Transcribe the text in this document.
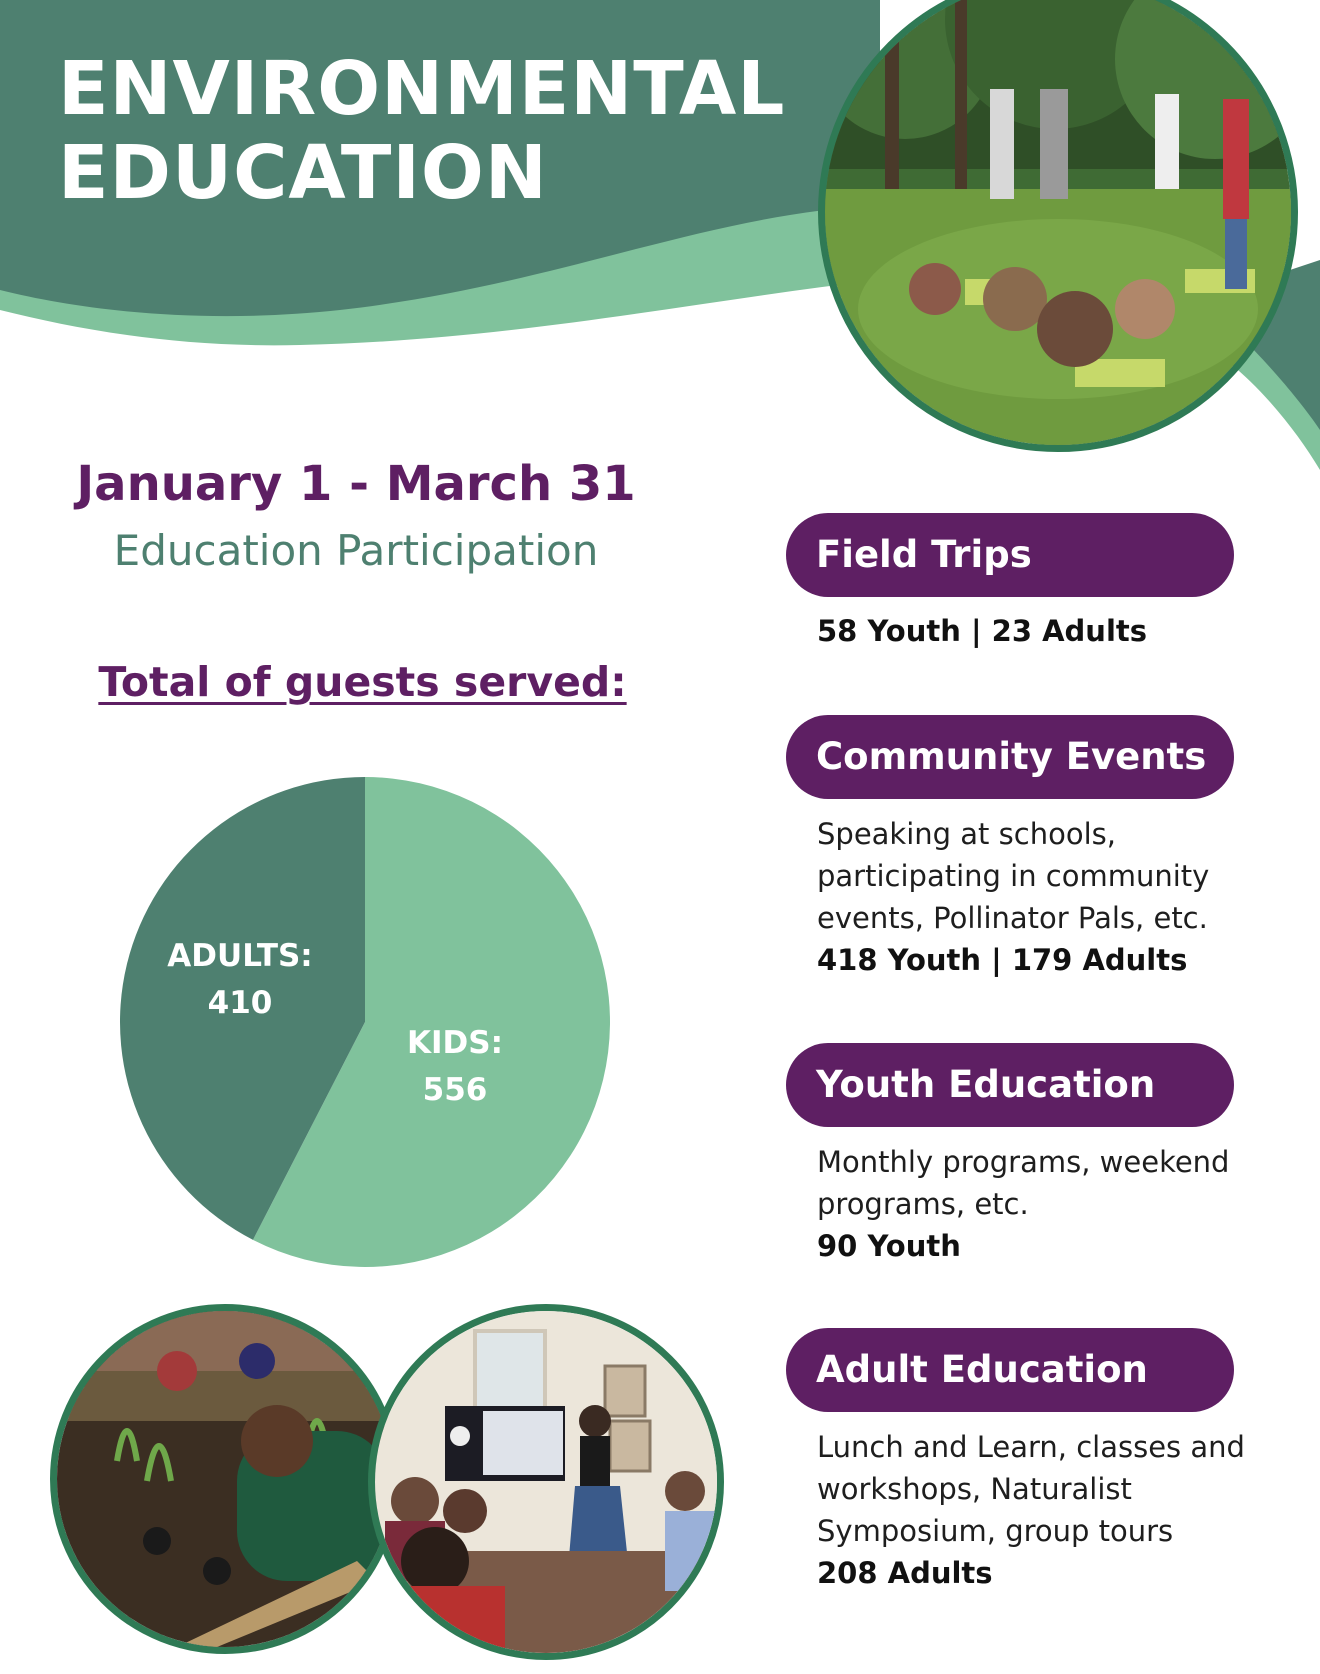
ENVIRONMENTAL
EDUCATION
January 1 - March 31
Education Participation
Total of guests served:
ADULTS:
410
KIDS:
556
Field Trips
58 Youth | 23 Adults
Community Events
Speaking at schools, participating in community events, Pollinator Pals, etc.
418 Youth | 179 Adults
Youth Education
Monthly programs, weekend programs, etc.
90 Youth
Adult Education
Lunch and Learn, classes and workshops, Naturalist Symposium, group tours
208 Adults
